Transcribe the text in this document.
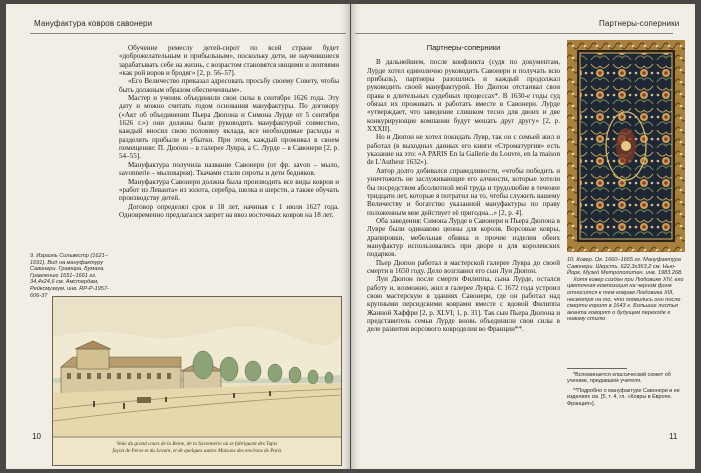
Мануфактура ковров савонери

9. Израэль Сильвестр (1621–1691). Вид на мануфактуру Савонери. Гравюра. Бумага. Гравлению 1651–1661 гг. 34,4х24,6 см. Амстердам, Рейксмузеум, инв. RP-P-1957-606-37

Обучение ремеслу детей-сирот по всей стране будет «доброжелательным и прибыльным», поскольку дети, не научившиеся зарабатывать себе на жизнь, с возрастом становятся нищими и лентяями «как рой воров и бродяг» [2, р. 56–57].

«Его Величество приказал адресовать просьбу своему Совету, чтобы быть должным образом обеспеченным».

Мастер и ученик объединили свои силы в сентябре 1626 года. Эту дату и можно считать годом основания мануфактуры. По договору («Акт об объединении Пьера Дюпона и Симона Лурде от 5 сентября 1626 г.») они должны были руководить мануфактурой совместно, каждый вносил свою половину вклада, все необходимые расходы и разделять прибыли и убытки. При этом, каждый проживал в своем помещении: П. Дюпон – в галерее Лувра, а С. Лурде – в Савонери [2, р. 54–55].

Мануфактура получила название Савонери (от фр. savon – мыло, savonnerie – мыловарня). Ткачами стали сироты и дети бедняков.

Мануфактура Савонери должна была производить все виды ковров и «работ из Леванта» из золота, серебра, шелка и шерсти, а также обучать производству детей.

Договор определял срок в 18 лет, начиная с 1 июля 1627 года. Одновременно предлагался запрет на ввоз восточных ковров на 18 лет.

Veüe du grand cours de la Reine, de la Savonnerie où se fabriquent des Tapis
façon de Perse et du Levant, et de quelques autres Maisons des environs de Paris
10
Партнеры-соперники
Партнеры-соперники

В дальнейшем, после конфликта (судя по документам, Лурде хотел единолично руководить Савонери и получать всю прибыль), партнеры разошлись и каждый продолжал руководить своей мануфактурой. Но Дюпон отстаивал свои права в длительных судебных процессах*. В 1630-е годы суд обязал их проживать и работать вместе в Савонери. Лурде «утверждает, что заведение слишком тесно для двоих и две конкурирующие компании будут мешать друг другу» [2, р. XXXII].

Но и Дюпон не хотел покидать Лувр, так он с семьей жил и работал (в выходных данных его книги «Стромaтургия» есть указание на это: «A PARIS En la Gallerie du Louvre, en la maison de L'Autheur 1632»).

Автор долго добивался справедливости, «чтобы победить и уничтожить не заслуживающие его алчности, которые хотели бы посредством абсолютной мой труда и трудолюбие в течение тридцати лет, которые я потратил на то, чтобы служить вашему Величеству и богатство указанной мануфактуры по праву положенным мне действует её пригодна...» [2, р. 4].

Оба заведения: Симона Лурде в Савонери и Пьера Дюпона в Лувре были одинаково ценны для короля. Ворсовые ковры, драпировки, мебельная обивка и прочие изделия обеих мануфактур использовались при дворе и для королевских подарков.

Пьер Дюпон работал в мастерской галерее Лувра до своей смерти в 1650 году. Дело возглавил его сын Луи Дюпон.

Луи Дюпон после смерти Филиппа, сына Лурде, остался работу и, возможно, жил в галерее Лувра. С 1672 года устроил свою мастерскую в зданиях Савонери, где он работал над крупными персидскими коврами вместе с вдовой Филиппа Жанной Хаффри [2, р. XLVI; 1, р. 31]. Так сын Пьера Дюпона и представитель семьи Лурде вновь объединили свои силы в деле развития ворсового ковроделия во Франции**.

10. Ковер. Ок. 1660–1665 гг. Мануфактура Савонери. Шерсть. 622,3х363,2 см. Нью-Йорк, Музей Метрополитен, инв. 1983.268.

Хотя ковер создан при Людовике XIV, его цветочная композиция на черном фоне относится к тем коврам Людовика XIII, несмотря на то, что появились они после смерти короля в 1643 г. Большие листья аканта говорят о будущем переходе к новому стилю

*Вспоминается классический сюжет об ученике, предавшем учителя.

**Подробно о мануфактуре Савонери и ее изделиях см. [5, т. 4, гл. «Ковры в Европе. Франция»].

11
